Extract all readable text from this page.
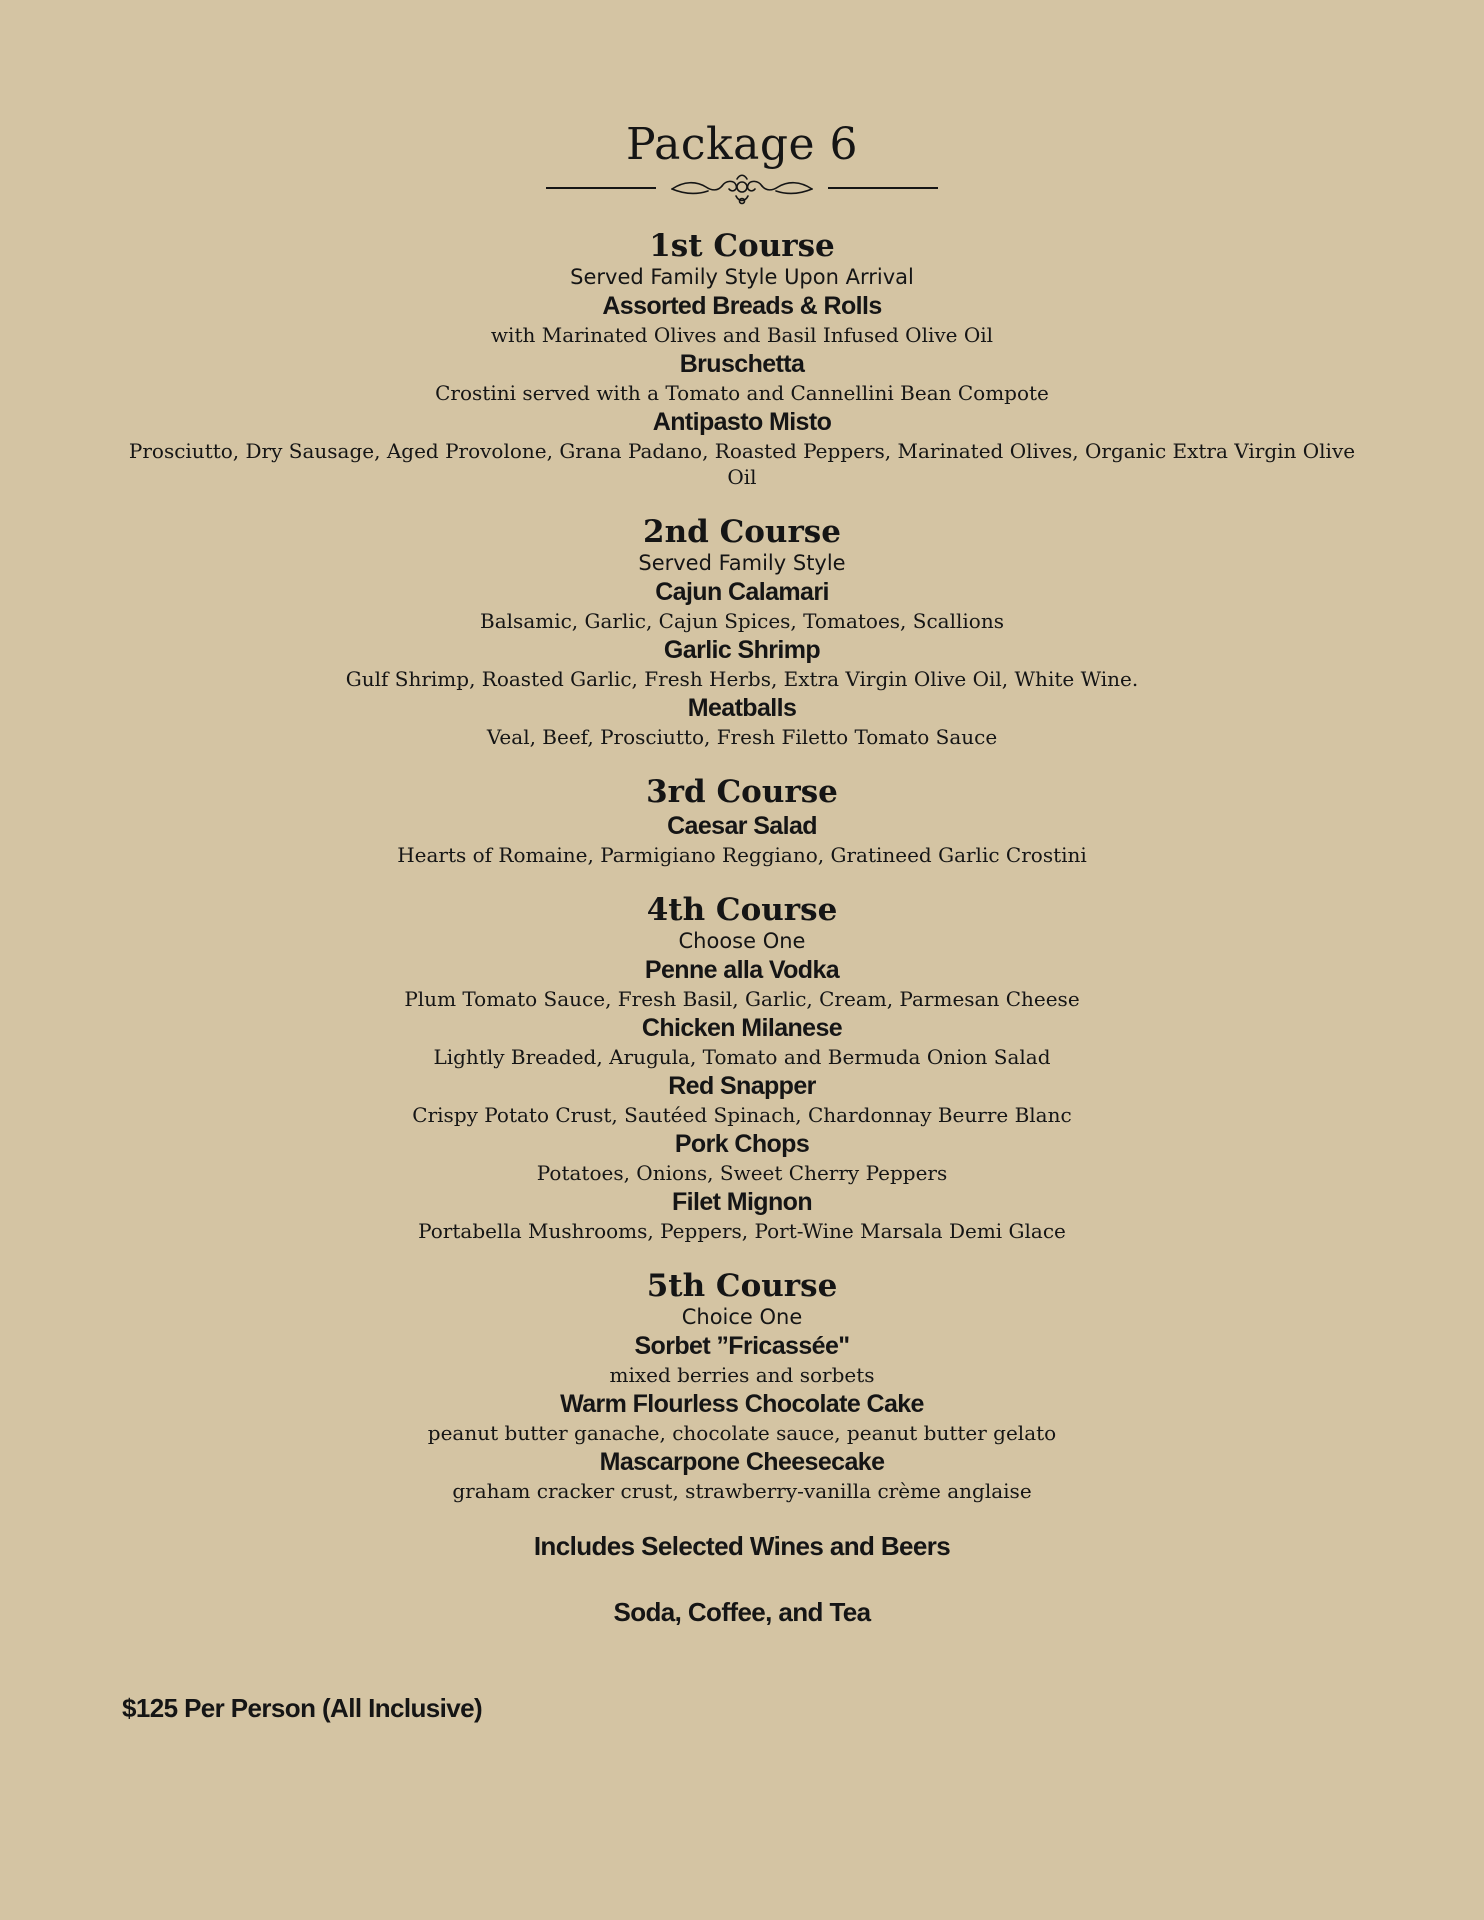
Package 6
1st Course

Served Family Style Upon Arrival

Assorted Breads & Rolls

with Marinated Olives and Basil Infused Olive Oil

Bruschetta

Crostini served with a Tomato and Cannellini Bean Compote

Antipasto Misto

Prosciutto, Dry Sausage, Aged Provolone, Grana Padano, Roasted Peppers, Marinated Olives, Organic Extra Virgin Olive Oil

2nd Course

Served Family Style

Cajun Calamari

Balsamic, Garlic, Cajun Spices, Tomatoes, Scallions

Garlic Shrimp

Gulf Shrimp, Roasted Garlic, Fresh Herbs, Extra Virgin Olive Oil, White Wine.

Meatballs

Veal, Beef, Prosciutto, Fresh Filetto Tomato Sauce

3rd Course

Caesar Salad

Hearts of Romaine, Parmigiano Reggiano, Gratineed Garlic Crostini

4th Course

Choose One

Penne alla Vodka

Plum Tomato Sauce, Fresh Basil, Garlic, Cream, Parmesan Cheese

Chicken Milanese

Lightly Breaded, Arugula, Tomato and Bermuda Onion Salad

Red Snapper

Crispy Potato Crust, Sautéed Spinach, Chardonnay Beurre Blanc

Pork Chops

Potatoes, Onions, Sweet Cherry Peppers

Filet Mignon

Portabella Mushrooms, Peppers, Port-Wine Marsala Demi Glace

5th Course

Choice One

Sorbet ”Fricassée"

mixed berries and sorbets

Warm Flourless Chocolate Cake

peanut butter ganache, chocolate sauce, peanut butter gelato

Mascarpone Cheesecake

graham cracker crust, strawberry-vanilla crème anglaise

Includes Selected Wines and Beers

Soda, Coffee, and Tea

$125 Per Person (All Inclusive)
